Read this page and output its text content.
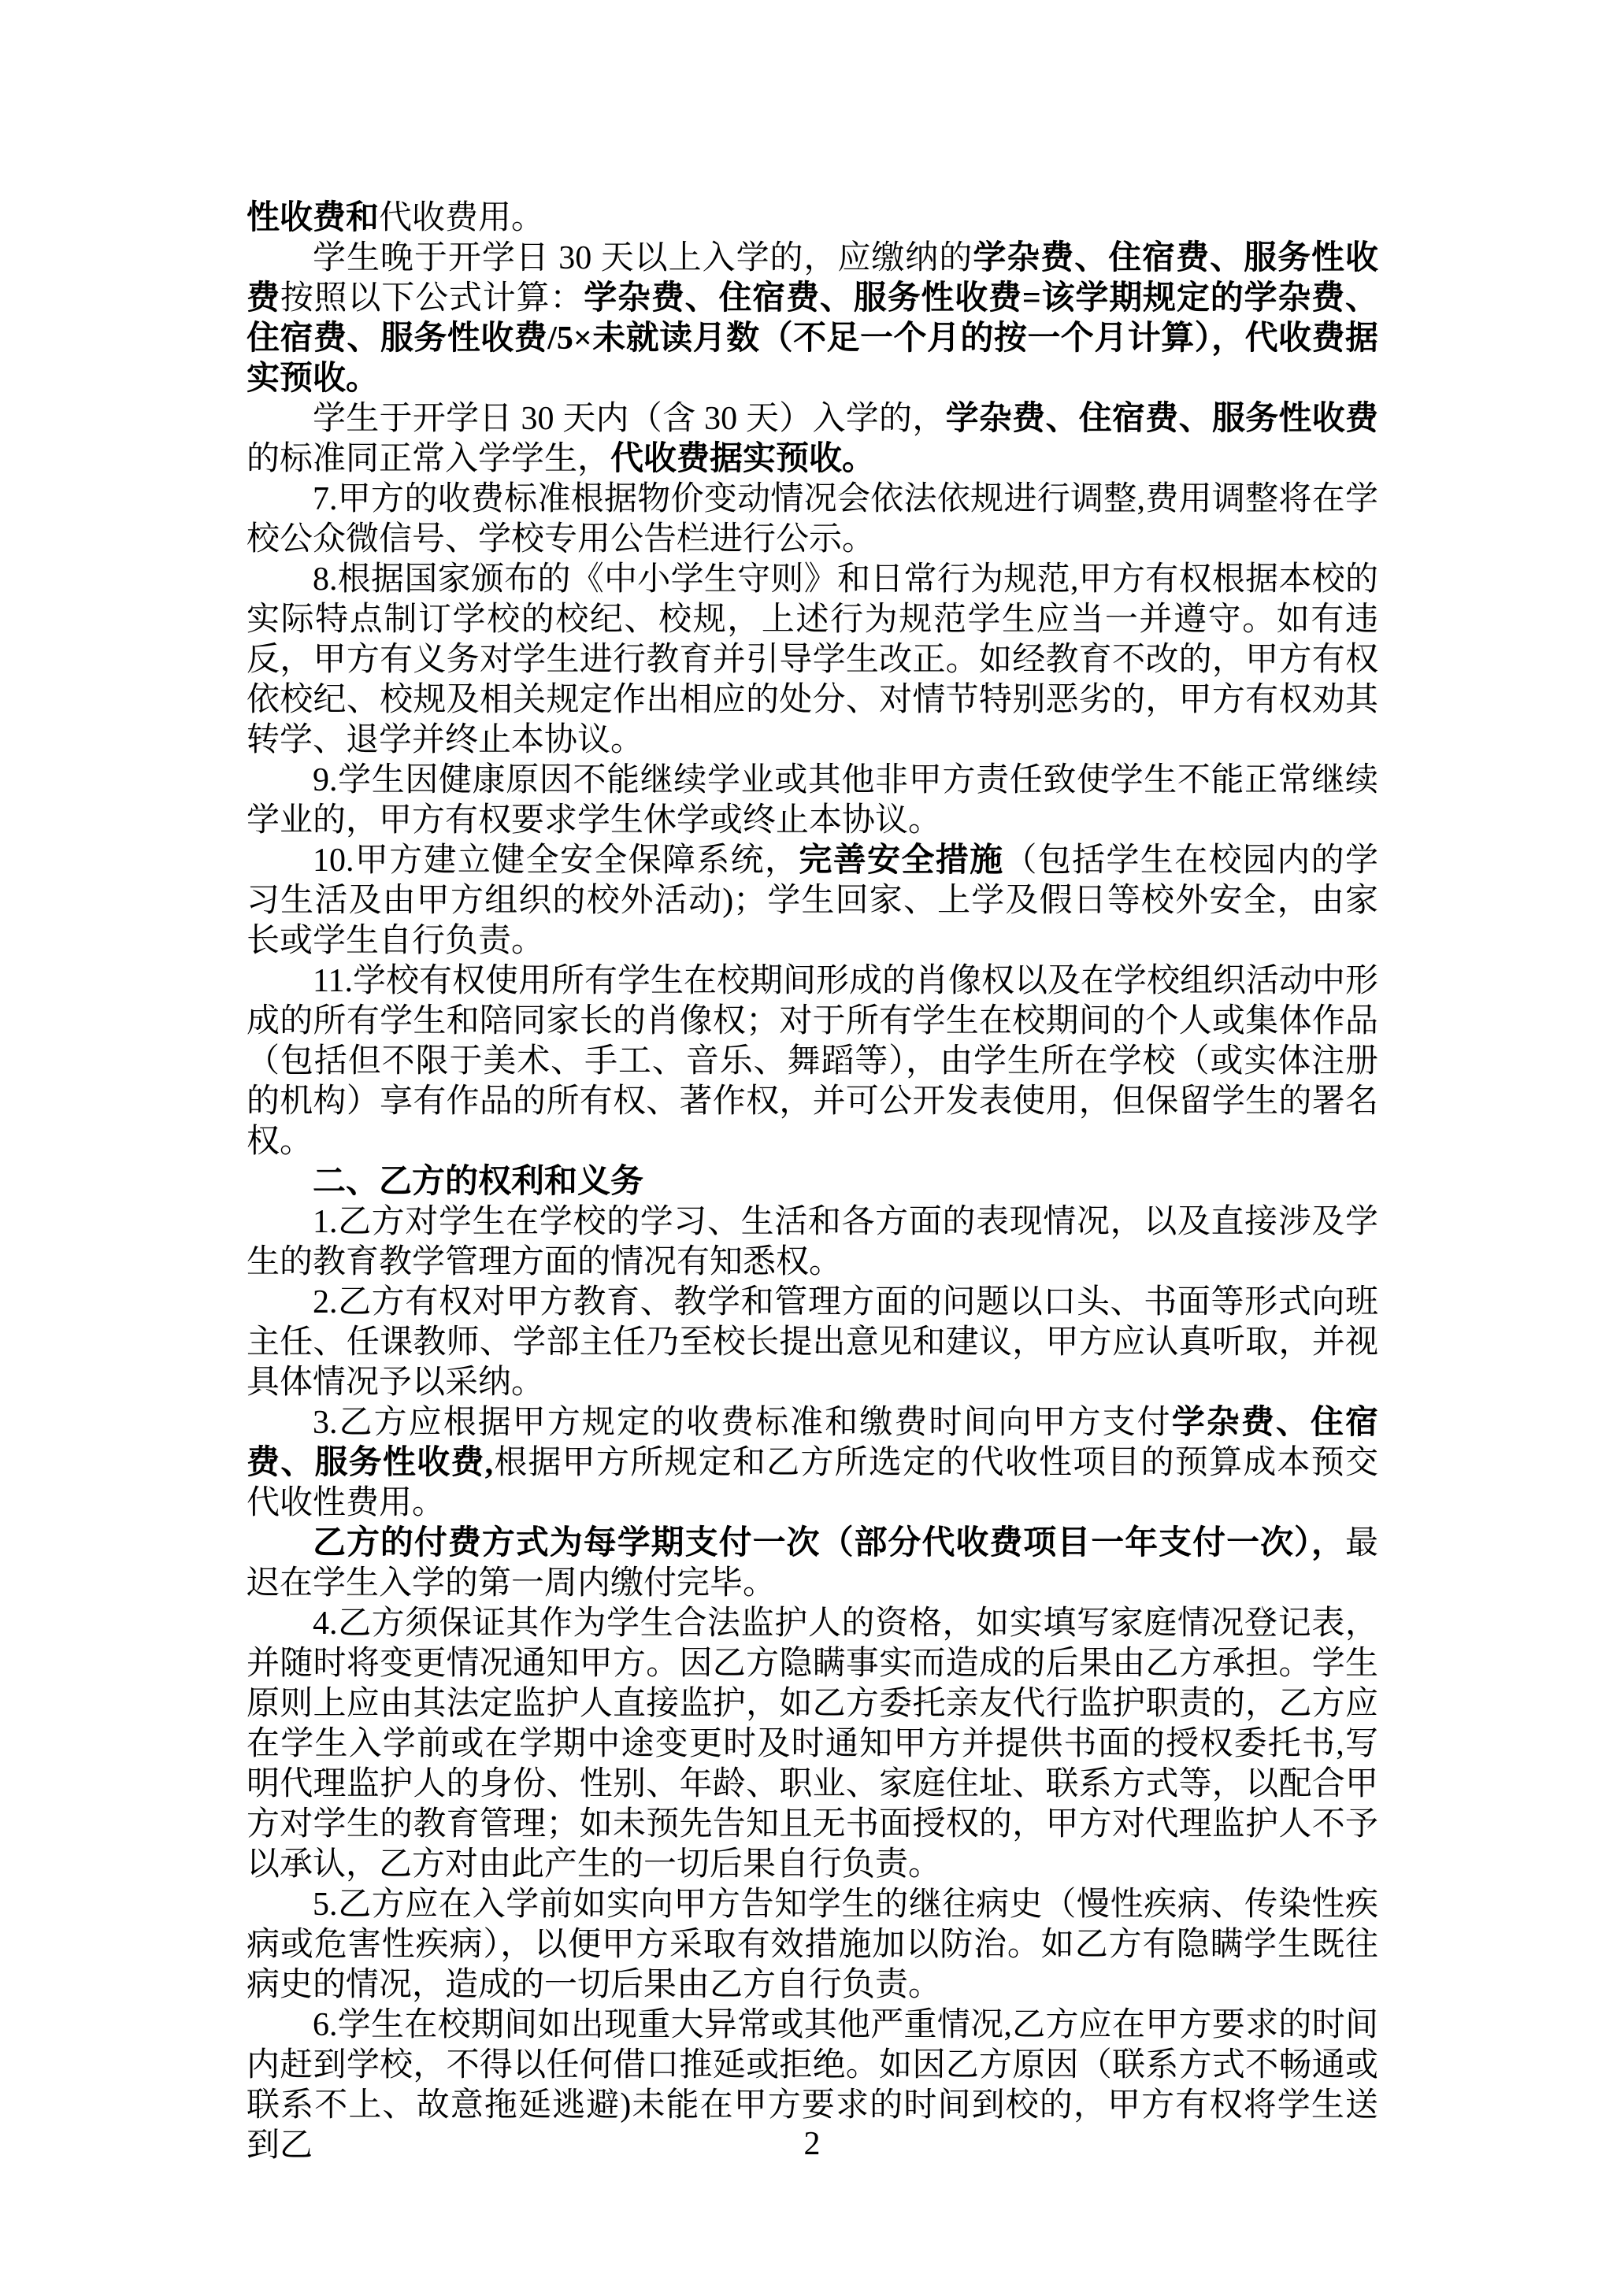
性收费和代收费用。

学生晚于开学日 30 天以上入学的，应缴纳的学杂费、住宿费、服务性收费按照以下公式计算：学杂费、住宿费、服务性收费=该学期规定的学杂费、住宿费、服务性收费/5×未就读月数（不足一个月的按一个月计算），代收费据实预收。

学生于开学日 30 天内（含 30 天）入学的，学杂费、住宿费、服务性收费的标准同正常入学学生，代收费据实预收。

7.甲方的收费标准根据物价变动情况会依法依规进行调整,费用调整将在学校公众微信号、学校专用公告栏进行公示。

8.根据国家颁布的《中小学生守则》和日常行为规范,甲方有权根据本校的实际特点制订学校的校纪、校规，上述行为规范学生应当一并遵守。如有违反，甲方有义务对学生进行教育并引导学生改正。如经教育不改的，甲方有权依校纪、校规及相关规定作出相应的处分、对情节特别恶劣的，甲方有权劝其转学、退学并终止本协议。

9.学生因健康原因不能继续学业或其他非甲方责任致使学生不能正常继续学业的，甲方有权要求学生休学或终止本协议。

10.甲方建立健全安全保障系统，完善安全措施（包括学生在校园内的学习生活及由甲方组织的校外活动)；学生回家、上学及假日等校外安全，由家长或学生自行负责。

11.学校有权使用所有学生在校期间形成的肖像权以及在学校组织活动中形成的所有学生和陪同家长的肖像权；对于所有学生在校期间的个人或集体作品（包括但不限于美术、手工、音乐、舞蹈等），由学生所在学校（或实体注册的机构）享有作品的所有权、著作权，并可公开发表使用，但保留学生的署名权。

二、乙方的权利和义务

1.乙方对学生在学校的学习、生活和各方面的表现情况，以及直接涉及学生的教育教学管理方面的情况有知悉权。

2.乙方有权对甲方教育、教学和管理方面的问题以口头、书面等形式向班主任、任课教师、学部主任乃至校长提出意见和建议，甲方应认真听取，并视具体情况予以采纳。

3.乙方应根据甲方规定的收费标准和缴费时间向甲方支付学杂费、住宿费、服务性收费,根据甲方所规定和乙方所选定的代收性项目的预算成本预交代收性费用。

乙方的付费方式为每学期支付一次（部分代收费项目一年支付一次），最迟在学生入学的第一周内缴付完毕。

4.乙方须保证其作为学生合法监护人的资格，如实填写家庭情况登记表，并随时将变更情况通知甲方。因乙方隐瞒事实而造成的后果由乙方承担。学生原则上应由其法定监护人直接监护，如乙方委托亲友代行监护职责的，乙方应在学生入学前或在学期中途变更时及时通知甲方并提供书面的授权委托书,写明代理监护人的身份、性别、年龄、职业、家庭住址、联系方式等，以配合甲方对学生的教育管理；如未预先告知且无书面授权的，甲方对代理监护人不予以承认，乙方对由此产生的一切后果自行负责。

5.乙方应在入学前如实向甲方告知学生的继往病史（慢性疾病、传染性疾病或危害性疾病），以便甲方采取有效措施加以防治。如乙方有隐瞒学生既往病史的情况，造成的一切后果由乙方自行负责。

6.学生在校期间如出现重大异常或其他严重情况,乙方应在甲方要求的时间内赶到学校，不得以任何借口推延或拒绝。如因乙方原因（联系方式不畅通或联系不上、故意拖延逃避)未能在甲方要求的时间到校的，甲方有权将学生送到乙	2
